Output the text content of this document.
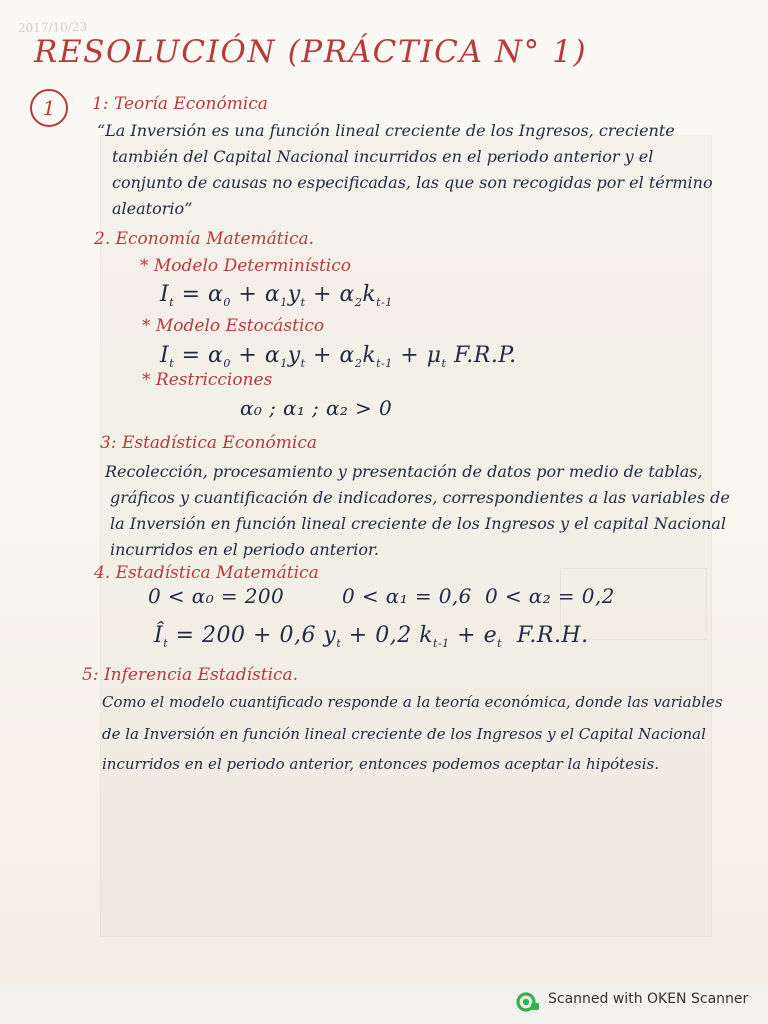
2017/10/23
RESOLUCIÓN (PRÁCTICA N° 1)
1	1: Teoría Económica
“La Inversión es una función lineal creciente de los Ingresos, creciente
también del Capital Nacional incurridos en el periodo anterior y el
conjunto de causas no especificadas, las que son recogidas por el término
aleatorio”
2. Economía Matemática.
* Modelo Determinístico
$I_t = \alpha_0 + \alpha_1y_t + \alpha_2k_{t-1}$
* Modelo Estocástico
$I_t = \alpha_0 + \alpha_1y_t + \alpha_2k_{t-1} + \mu_t$ F.R.P.
* Restricciones
α₀ ; α₁ ; α₂ > 0
3: Estadística Económica
Recolección, procesamiento y presentación de datos por medio de tablas,
gráficos y cuantificación de indicadores, correspondientes a las variables de
la Inversión en función lineal creciente de los Ingresos y el capital Nacional
incurridos en el periodo anterior.
4. Estadística Matemática
0 < α₀ = 200	0 < α₁ = 0,6 0 < α₂ = 0,2
$Î_t = 200 + 0,6$ $y_t + 0,2$ $k_{t-1} + e_t$ F.R.H.
5: Inferencia Estadística.
Como el modelo cuantificado responde a la teoría económica, donde las variables
de la Inversión en función lineal creciente de los Ingresos y el Capital Nacional
incurridos en el periodo anterior, entonces podemos aceptar la hipótesis.
Scanned with OKEN Scanner
